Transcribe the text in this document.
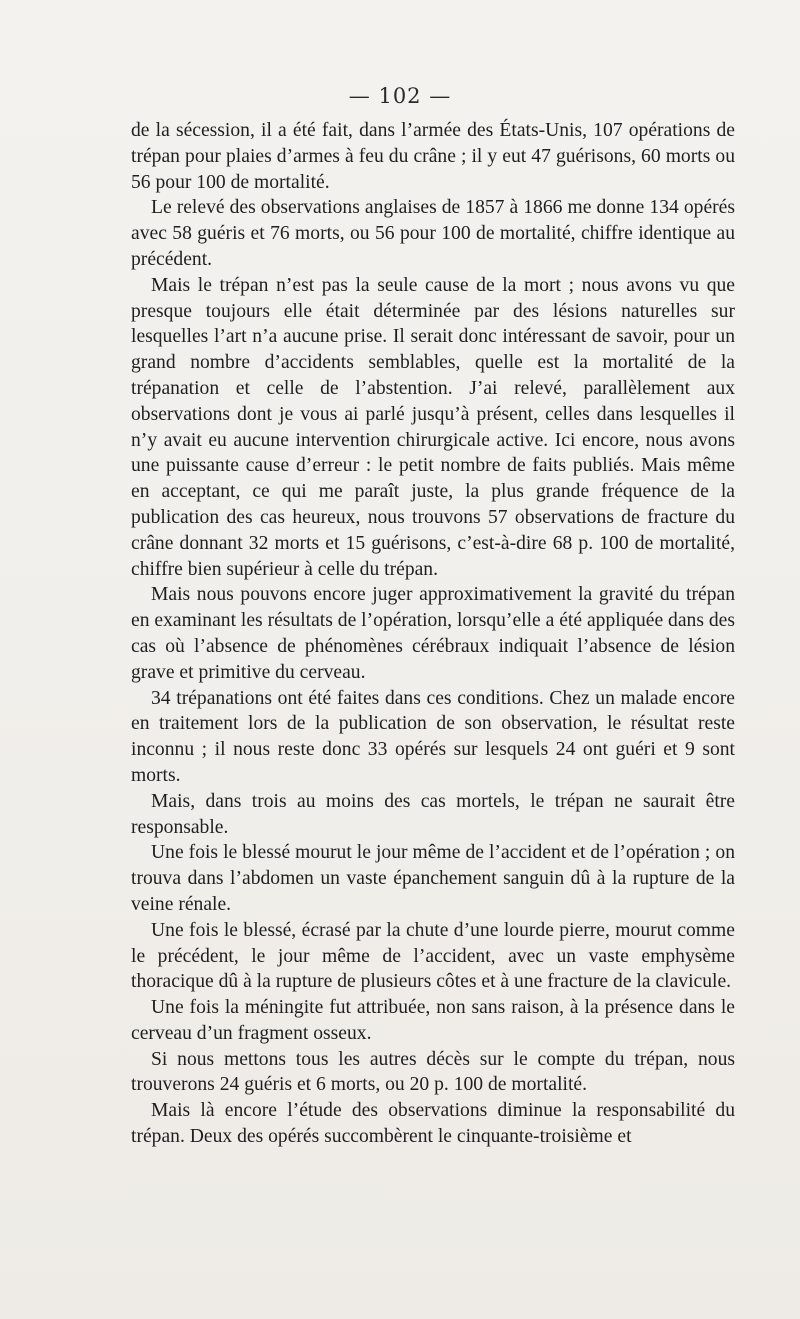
— 102 —

de la sécession, il a été fait, dans l’armée des États-Unis, 107 opérations de trépan pour plaies d’armes à feu du crâne ; il y eut 47 guérisons, 60 morts ou 56 pour 100 de mortalité.

Le relevé des observations anglaises de 1857 à 1866 me donne 134 opérés avec 58 guéris et 76 morts, ou 56 pour 100 de mortalité, chiffre identique au précédent.

Mais le trépan n’est pas la seule cause de la mort ; nous avons vu que presque toujours elle était déterminée par des lésions naturelles sur lesquelles l’art n’a aucune prise. Il serait donc intéressant de savoir, pour un grand nombre d’accidents semblables, quelle est la mortalité de la trépanation et celle de l’abstention. J’ai relevé, parallèlement aux observations dont je vous ai parlé jusqu’à présent, celles dans lesquelles il n’y avait eu aucune intervention chirurgicale active. Ici encore, nous avons une puissante cause d’erreur : le petit nombre de faits publiés. Mais même en acceptant, ce qui me paraît juste, la plus grande fréquence de la publication des cas heureux, nous trouvons 57 observations de fracture du crâne donnant 32 morts et 15 guérisons, c’est-à-dire 68 p. 100 de mortalité, chiffre bien supérieur à celle du trépan.

Mais nous pouvons encore juger approximativement la gravité du trépan en examinant les résultats de l’opération, lorsqu’elle a été appliquée dans des cas où l’absence de phénomènes cérébraux indiquait l’absence de lésion grave et primitive du cerveau.

34 trépanations ont été faites dans ces conditions. Chez un malade encore en traitement lors de la publication de son observation, le résultat reste inconnu ; il nous reste donc 33 opérés sur lesquels 24 ont guéri et 9 sont morts.

Mais, dans trois au moins des cas mortels, le trépan ne saurait être responsable.

Une fois le blessé mourut le jour même de l’accident et de l’opération ; on trouva dans l’abdomen un vaste épanchement sanguin dû à la rupture de la veine rénale.

Une fois le blessé, écrasé par la chute d’une lourde pierre, mourut comme le précédent, le jour même de l’accident, avec un vaste emphysème thoracique dû à la rupture de plusieurs côtes et à une fracture de la clavicule.

Une fois la méningite fut attribuée, non sans raison, à la présence dans le cerveau d’un fragment osseux.

Si nous mettons tous les autres décès sur le compte du trépan, nous trouverons 24 guéris et 6 morts, ou 20 p. 100 de mortalité.

Mais là encore l’étude des observations diminue la responsabilité du trépan. Deux des opérés succombèrent le cinquante-troisième et
